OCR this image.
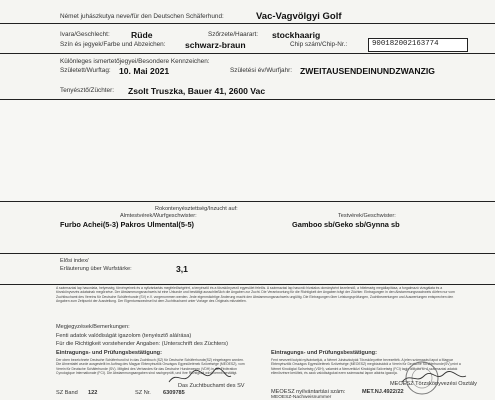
Német juhászkutya neve/für den Deutschen Schäferhund:	Vac-Vagvölgyi Golf
Ivara/Geschlecht: Rüde	Szőrzete/Haarart: stockhaarig
Szín és jegyek/Farbe und Abzeichen: schwarz-braun	Chip szám/Chip-Nr.:	900182002163774
Különleges ismertetőjegyei/Besondere Kennzeichen:
Született/Wurftag: 10. Mai 2021	Születési év/Wurfjahr: ZWEITAUSENDEINUNDZWANZIG
Tenyésztő/Züchter: Zsolt Truszka, Bauer 41, 2600 Vac
Rokontenyésztettség/Inzucht auf:
Almtestvérek/Wurfgeschwister:
Furbo Achei(5-3) Pakros Ulmental(5-5)
Testvérek/Geschwister:
Gamboo sb/Geko sb/Gynna sb
Elősi index/
Erläuterung über Wurfstärke:	3,1
A származási lap hasonlata, helyesség, törvényeinek és a nyilvántartás megfelelőségéért, a tenyésztő és a törzskönyvező egyesület felelős. A származási lap hasonló hivatalos okmányként kezelendő, a hitelesség megállapítása, a forgalmazó vizsgálata és a törzskönyvezés adatainak megőrzése. Der Abstammungsnachweis ist eine Urkunde und bestätigt ausschließlich die Angaben zur Zucht. Die Verantwortung für die Richtigkeit der Angaben trägt der Züchter. Eintragungen in den Abstammungsnachweis dürfen nur vom Zuchtbuchamt des Vereins für Deutsche Schäferhunde (SV) e.V. vorgenommen werden. Jede eigenmächtige Änderung macht den Abstammungsnachweis ungültig. Die Eintragungen über Leistungsprüfungen, Zuchtbewertungen und Auswertungen entsprechen den Angaben zum Zeitpunkt der Ausstellung. Der Eigentumswechsel ist dem Zuchtbuchamt unter Vorlage des Originals mitzuteilen.
Megjegyzések/Bemerkungen:
Fenti adatok valódiságát igazolom (tenyésztő aláírása)
Für die Richtigkeit vorstehender Angaben: (Unterschrift des Züchters)
Eintragungs- und Prüfungsbestätigung:
Der oben bezeichnete Deutsche Schäferhund ist in das Zuchtbuch (SZ) für Deutsche Schäferhunde(SZ) eingetragen worden. Die Ahnentafel wurde ausgestellt im Auftrag des Magyar Ebtenyésztők Országos Egyesületének Szövetsége (MEOESZ), vom Verein für Deutsche Schäferhunde (SV). Mitglied des Verbandes für das Deutsche Hundewesen (VDH) in der Fédération Cynologique Internationale (FCI). Die Abstammungsangaben sind nachgeprüft, und ihre Richtigkeit wird hiermit bestätigt.
Eintragungs- und Prüfungsbestätigung:
Fent nevezett kutyát nyilvántartjuk, a Német Juhászkutyák Törzskönyvébe bevezették. A jelen származási lapot a Magyar Ebtenyésztők Országos Egyesületének Szövetsége (MEOESZ) megbízásából a Verein für Deutsche Schäferhunde(SV),mint a Német Kinológiai Szövetség (VDH), valamint a Nemzetközi Kinológiai Szövetség (FCI) tagja állította ki. A származási adatok ellenőrzésre kerültek, és azok valódiságukat ezen származási lapon aláírás igazolja.
Das Zuchtbuchamt des SV	MEOESZ Törzskönyvezési Osztály
SZ Band 122	SZ Nr. 6309785	MEOESZ nyilvántartási szám:	MET.NJ.4922/22
MEOESZ-Nachweisnummer
